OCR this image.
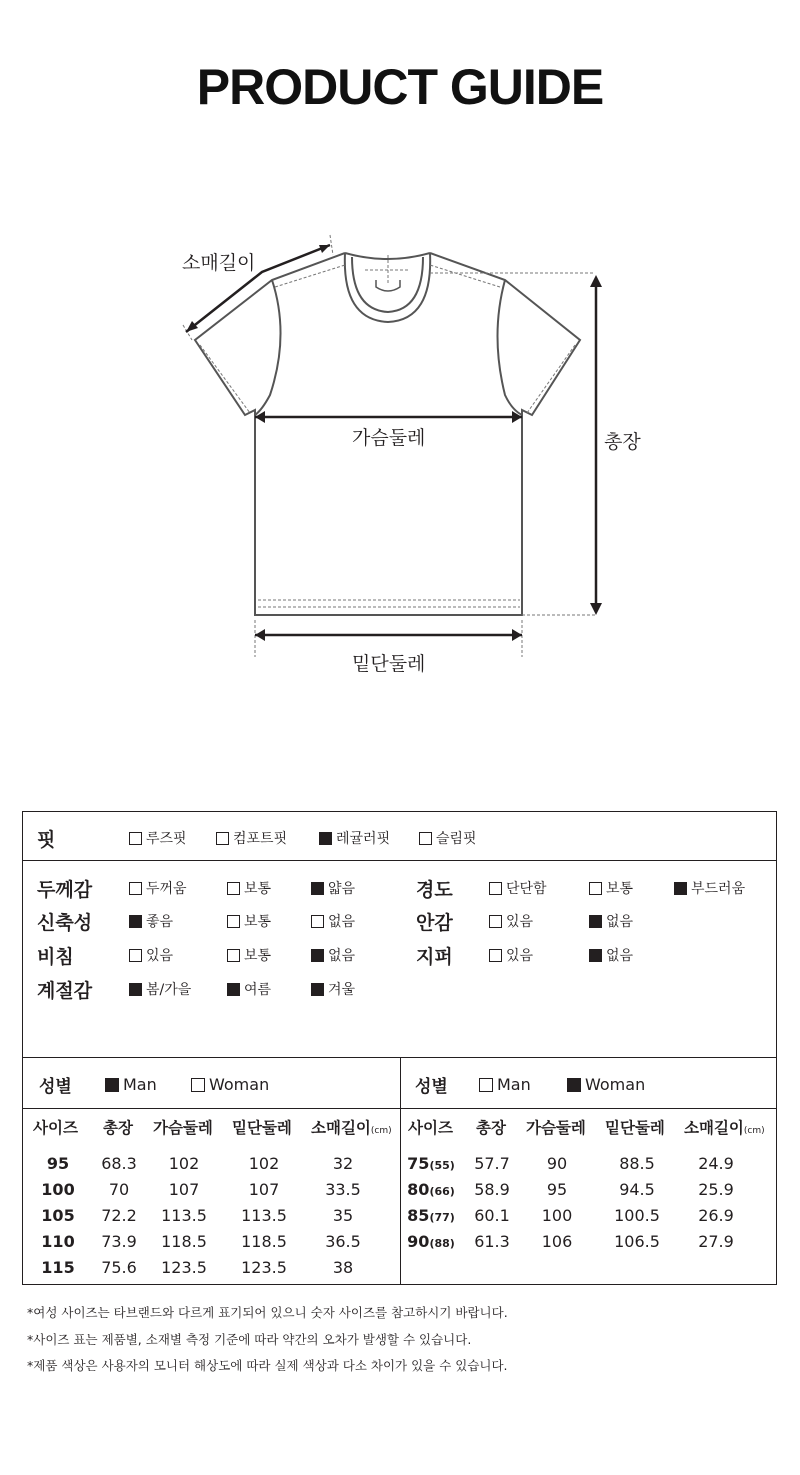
PRODUCT GUIDE
소매길이
가슴둘레	총장
밑단둘레
핏	루즈핏	컴포트핏	레귤러핏	슬림핏
두께감	두꺼움	보통	얇음
신축성	좋음	보통	없음
비침	있음	보통	없음
계절감	봄/가을	여름	겨울
경도	단단함	보통	부드러움
안감	있음	없음
지퍼	있음	없음
성별	Man	Woman
사이즈 총장 가슴둘레 밑단둘레 소매길이(cm)
95	68.3	102	102	32
100	70	107	107	33.5
105	72.2	113.5	113.5	35
110	73.9	118.5	118.5	36.5
115	75.6	123.5	123.5	38
성별	Man	Woman
사이즈 총장 가슴둘레 밑단둘레 소매길이(cm)
75(55)	57.7	90	88.5	24.9
80(66)	58.9	95	94.5	25.9
85(77)	60.1	100	100.5	26.9
90(88)	61.3	106	106.5	27.9
*여성 사이즈는 타브랜드와 다르게 표기되어 있으니 숫자 사이즈를 참고하시기 바랍니다.
*사이즈 표는 제품별, 소재별 측정 기준에 따라 약간의 오차가 발생할 수 있습니다.
*제품 색상은 사용자의 모니터 해상도에 따라 실제 색상과 다소 차이가 있을 수 있습니다.
